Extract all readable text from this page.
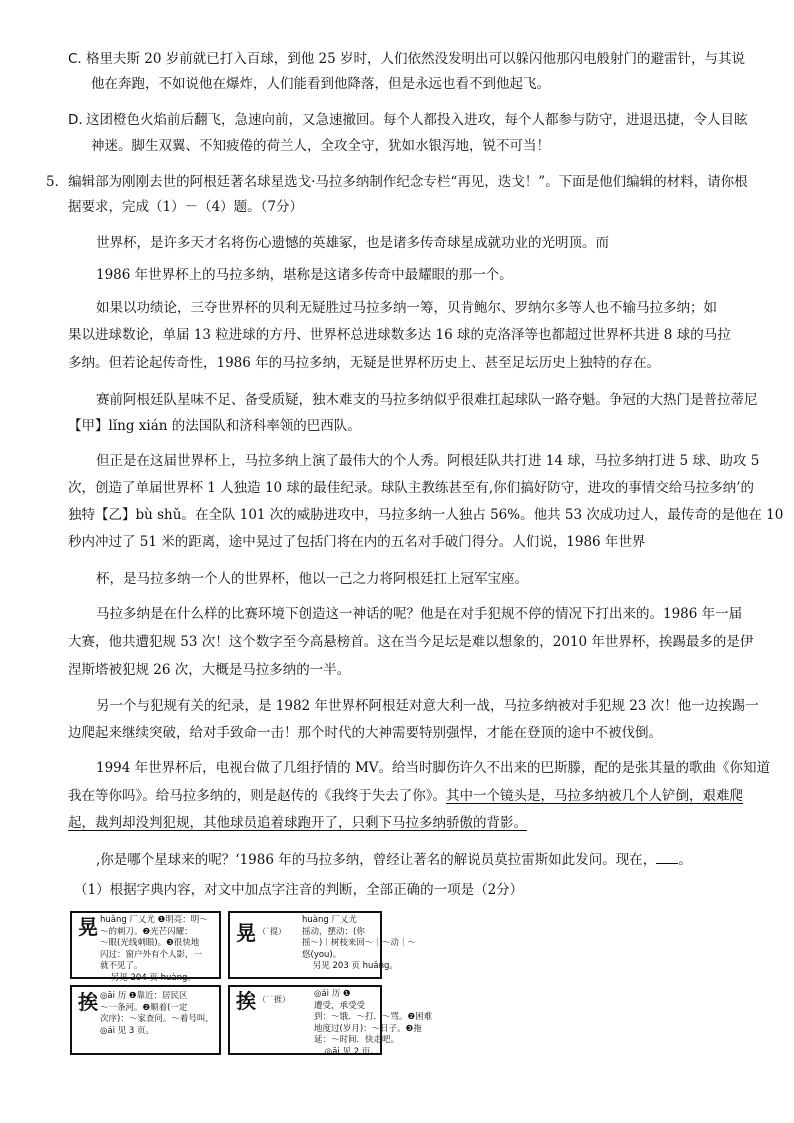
C. 格里夫斯 20 岁前就已打入百球，到他 25 岁时，人们依然没发明出可以躲闪他那闪电般射门的避雷针，与其说
他在奔跑，不如说他在爆炸，人们能看到他降落，但是永远也看不到他起飞。
D. 这团橙色火焰前后翻飞，急速向前，又急速撤回。每个人都投入进攻，每个人都参与防守，进退迅捷，令人目眩
神迷。脚生双翼、不知疲倦的荷兰人，全攻全守，犹如水银泻地，锐不可当！
5．编辑部为刚刚去世的阿根廷著名球星选戈·马拉多纳制作纪念专栏“再见，迭戈！”。下面是他们编辑的材料，请你根
据要求，完成（1）－（4）题。（7分）
世界杯，是许多天才名将伤心遗憾的英雄冢，也是诸多传奇球星成就功业的光明顶。而
1986 年世界杯上的马拉多纳，堪称是这诸多传奇中最耀眼的那一个。
如果以功绩论，三夺世界杯的贝利无疑胜过马拉多纳一筹，贝肯鲍尔、罗纳尔多等人也不输马拉多纳；如
果以进球数论，单届 13 粒进球的方丹、世界杯总进球数多达 16 球的克洛泽等也都超过世界杯共进 8 球的马拉
多纳。但若论起传奇性，1986 年的马拉多纳，无疑是世界杯历史上、甚至足坛历史上独特的存在。
赛前阿根廷队星味不足、备受质疑，独木难支的马拉多纳似乎很难扛起球队一路夺魁。争冠的大热门是普拉蒂尼
【甲】lǐng xián 的法国队和济科率领的巴西队。
但正是在这届世界杯上，马拉多纳上演了最伟大的个人秀。阿根廷队共打进 14 球，马拉多纳打进 5 球、助攻 5
次，创造了单届世界杯 1 人独造 10 球的最佳纪录。球队主教练甚至有,你们搞好防守，进攻的事情交给马拉多纳’的
独特【乙】bù shǔ。在全队 101 次的威胁进攻中，马拉多纳一人独占 56%。他共 53 次成功过人，最传奇的是他在 10
秒内冲过了 51 米的距离，途中晃过了包括门将在内的五名对手破门得分。人们说，1986 年世界
杯，是马拉多纳一个人的世界杯，他以一己之力将阿根廷扛上冠军宝座。
马拉多纳是在什么样的比赛环境下创造这一神话的呢？他是在对手犯规不停的情况下打出来的。1986 年一届
大赛，他共遭犯规 53 次！这个数字至今高悬榜首。这在当今足坛是难以想象的，2010 年世界杯，挨踢最多的是伊
涅斯塔被犯规 26 次，大概是马拉多纳的一半。
另一个与犯规有关的纪录，是 1982 年世界杯阿根廷对意大利一战，马拉多纳被对手犯规 23 次！他一边挨踢一
边爬起来继续突破，给对手致命一击！那个时代的大神需要特别强悍，才能在登顶的途中不被伐倒。
1994 年世界杯后，电视台做了几组抒情的 MV。给当时脚伤许久不出来的巴斯滕，配的是张其量的歌曲《你知道
我在等你吗》。给马拉多纳的，则是赵传的《我终于失去了你》。其中一个镜头是，马拉多纳被几个人铲倒，艰难爬
起，裁判却没判犯规，其他球员追着球跑开了，只剩下马拉多纳骄傲的背影。
,你是哪个星球来的呢？‘1986 年的马拉多纳，曾经让著名的解说员莫拉雷斯如此发问。现在， 。
（1）根据字典内容，对文中加点字注音的判断，全部正确的一项是（2分）
晃 huǎng 厂乂尤 ❶明亮：明～
～的刺刀。❷光芒闪耀：
～眼(光线刺眼)。❸很快地
闪过：窗户外有个人影，一
就不见了。
另见 204 页 huàng。
晃 （˙提）
huàng 厂乂尤
摇动，摆动：(你
摇～)｜树枝来回～｜～动｜～
悠(you)。
另见 203 页 huǎng。
挨 ◎āi 历 ❶靠近：居民区
～一条河。❷顺着(一定
次序)：～家查问。～着号叫，
◎ái 见 3 页。
挨 （˙˙捱）
◎ái 历 ❶
遭受，承受受
到：～饿．～打．～骂。❷困难
地度过(岁月)：～日子。❸拖
延：～时间．快走吧。
◎āi 见 2 页。
